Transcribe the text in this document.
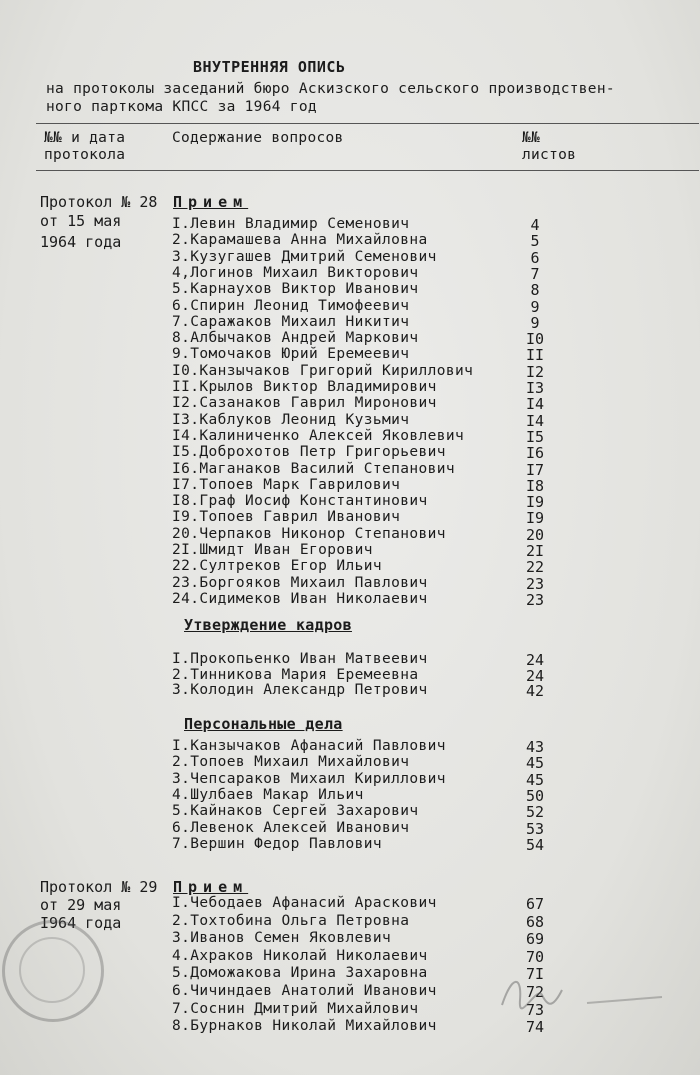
ВНУТРЕННЯЯ ОПИСЬ
на протоколы заседаний бюро Аскизского сельского производствен-
ного парткома КПСС за 1964 год
№№ и дата
протокола
Содержание вопросов	№№
листов
Протокол № 28
от 15 мая
1964 года
Прием
I.Левин Владимир Семенович	4
2.Карамашева Анна Михайловна	5
3.Кузугашев Дмитрий Семенович	6
4,Логинов Михаил Викторович	7
5.Карнаухов Виктор Иванович	8
6.Спирин Леонид Тимофеевич	9
7.Саражаков Михаил Никитич	9
8.Албычаков Андрей Маркович	I0
9.Томочаков Юрий Еремеевич	II
I0.Канзычаков Григорий Кириллович	I2
II.Крылов Виктор Владимирович	I3
I2.Сазанаков Гаврил Миронович	I4
I3.Каблуков Леонид Кузьмич	I4
I4.Калиниченко Алексей Яковлевич	I5
I5.Доброхотов Петр Григорьевич	I6
I6.Маганаков Василий Степанович	I7
I7.Топоев Марк Гаврилович	I8
I8.Граф Иосиф Константинович	I9
I9.Топоев Гаврил Иванович	I9
20.Черпаков Никонор Степанович	20
2I.Шмидт Иван Егорович	2I
22.Султреков Егор Ильич	22
23.Боргояков Михаил Павлович	23
24.Сидимеков Иван Николаевич	23
Утверждение кадров
I.Прокопьенко Иван Матвеевич	24
2.Тинникова Мария Еремеевна	24
3.Колодин Александр Петрович	42
Персональные дела
I.Канзычаков Афанасий Павлович	43
2.Топоев Михаил Михайлович	45
3.Чепсараков Михаил Кириллович	45
4.Шулбаев Макар Ильич	50
5.Кайнаков Сергей Захарович	52
6.Левенок Алексей Иванович	53
7.Вершин Федор Павлович	54
Протокол № 29
от 29 мая
I964 года
Прием
I.Чебодаев Афанасий Араскович	67
2.Тохтобина Ольга Петровна	68
3.Иванов Семен Яковлевич	69
4.Ахраков Николай Николаевич	70
5.Доможакова Ирина Захаровна	7I
6.Чичиндаев Анатолий Иванович	72
7.Соснин Дмитрий Михайлович	73
8.Бурнаков Николай Михайлович	74
